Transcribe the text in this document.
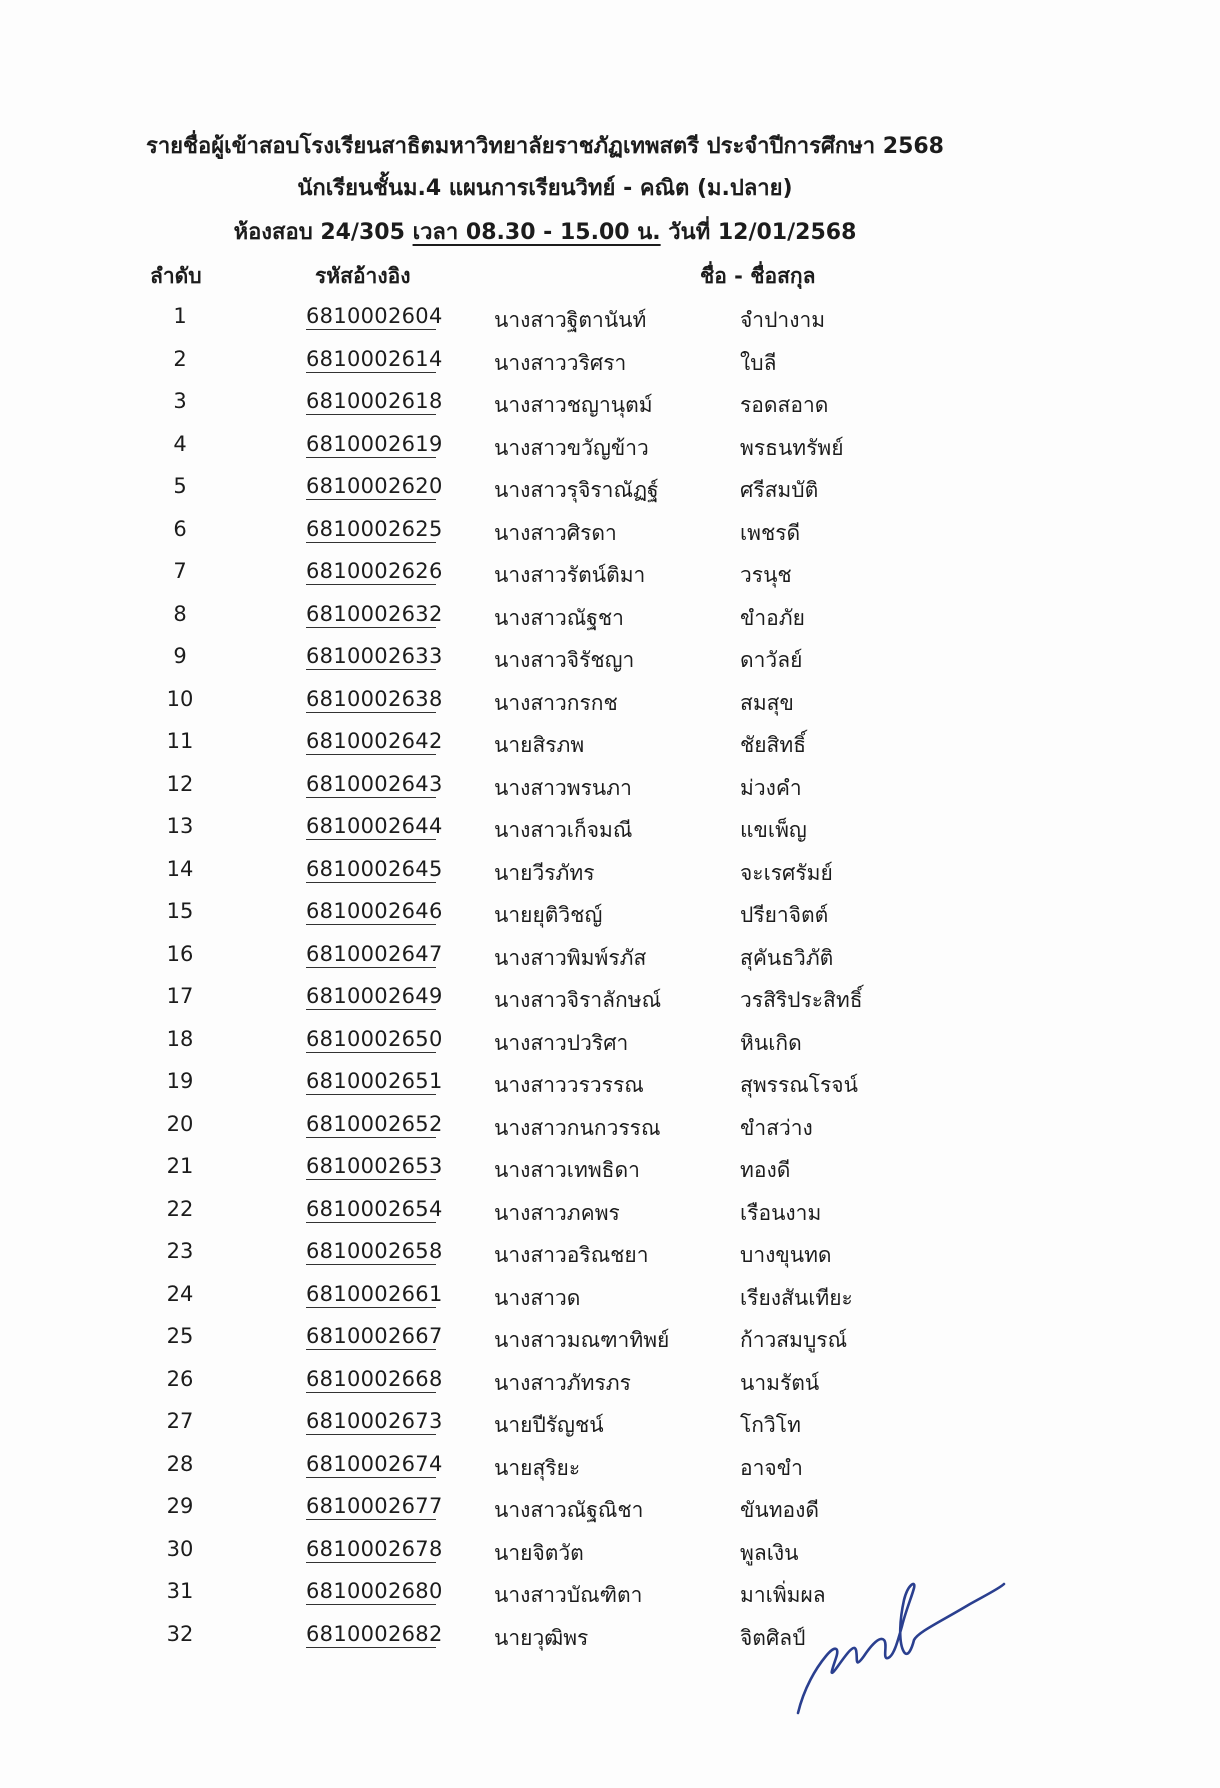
รายชื่อผู้เข้าสอบโรงเรียนสาธิตมหาวิทยาลัยราชภัฏเทพสตรี ประจำปีการศึกษา 2568
นักเรียนชั้นม.4 แผนการเรียนวิทย์ - คณิต (ม.ปลาย)
ห้องสอบ 24/305 เวลา 08.30 - 15.00 น. วันที่ 12/01/2568
ลำดับ	รหัสอ้างอิง	ชื่อ - ชื่อสกุล
1	6810002604 นางสาวฐิตานันท์	จำปางาม
2	6810002614 นางสาววริศรา	ใบลี
3	6810002618 นางสาวชญานุตม์	รอดสอาด
4	6810002619 นางสาวขวัญข้าว	พรธนทรัพย์
5	6810002620 นางสาวรุจิราณัฏฐ์	ศรีสมบัติ
6	6810002625 นางสาวศิรดา	เพชรดี
7	6810002626 นางสาวรัตน์ติมา	วรนุช
8	6810002632 นางสาวณัฐชา	ขำอภัย
9	6810002633 นางสาวจิรัชญา	ดาวัลย์
10	6810002638 นางสาวกรกช	สมสุข
11	6810002642 นายสิรภพ	ชัยสิทธิ์
12	6810002643 นางสาวพรนภา	ม่วงคำ
13	6810002644 นางสาวเก็จมณี	แขเพ็ญ
14	6810002645 นายวีรภัทร	จะเรศรัมย์
15	6810002646 นายยุติวิชญ์	ปรียาจิตต์
16	6810002647 นางสาวพิมพ์รภัส	สุคันธวิภัติ
17	6810002649 นางสาวจิราลักษณ์	วรสิริประสิทธิ์
18	6810002650 นางสาวปวริศา	หินเกิด
19	6810002651 นางสาววรวรรณ	สุพรรณโรจน์
20	6810002652 นางสาวกนกวรรณ	ขำสว่าง
21	6810002653 นางสาวเทพธิดา	ทองดี
22	6810002654 นางสาวภคพร	เรือนงาม
23	6810002658 นางสาวอริณชยา	บางขุนทด
24	6810002661 นางสาวด	เรียงสันเทียะ
25	6810002667 นางสาวมณฑาทิพย์	ก้าวสมบูรณ์
26	6810002668 นางสาวภัทรภร	นามรัตน์
27	6810002673 นายปีรัญชน์	โกวิโท
28	6810002674 นายสุริยะ	อาจขำ
29	6810002677 นางสาวณัฐณิชา	ขันทองดี
30	6810002678 นายจิตวัต	พูลเงิน
31	6810002680 นางสาวบัณฑิตา	มาเพิ่มผล
32	6810002682 นายวุฒิพร	จิตศิลป์
